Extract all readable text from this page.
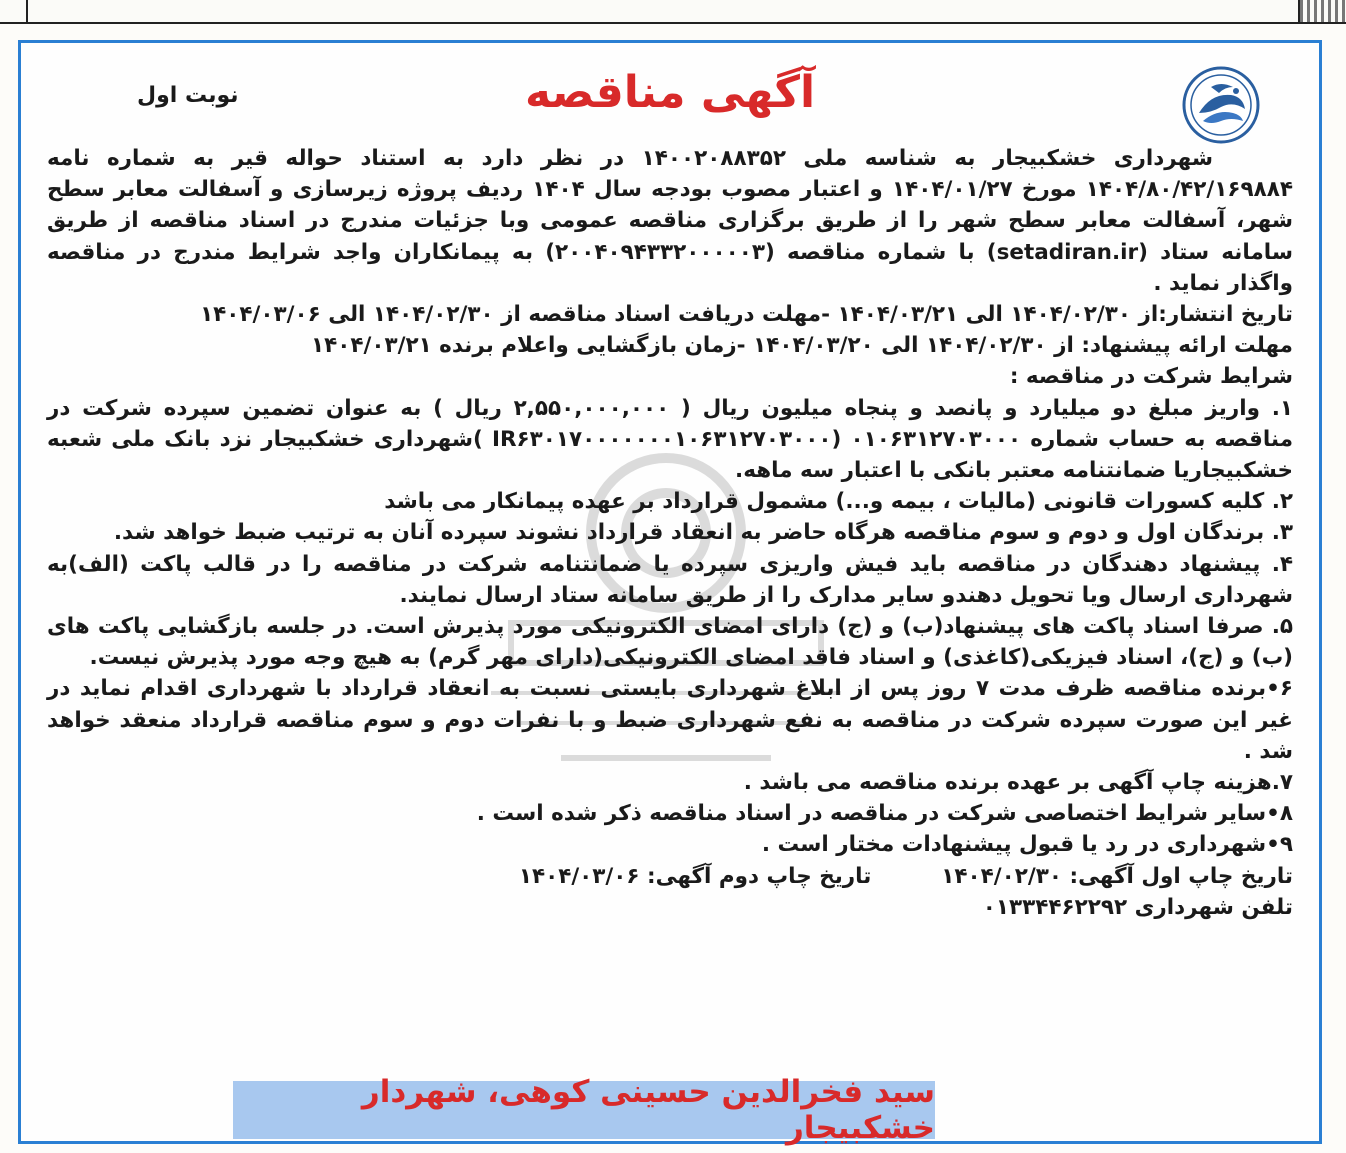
آگهی مناقصه
نوبت اول

شهرداری خشکبیجار به شناسه ملی ۱۴۰۰۲۰۸۸۳۵۲ در نظر دارد به استناد حواله قیر به شماره نامه ۱۴۰۴/۸۰/۴۲/۱۶۹۸۸۴ مورخ ۱۴۰۴/۰۱/۲۷ و اعتبار مصوب بودجه سال ۱۴۰۴ ردیف پروژه زیرسازی و آسفالت معابر سطح شهر، آسفالت معابر سطح شهر را از طریق برگزاری مناقصه عمومی وبا جزئیات مندرج در اسناد مناقصه از طریق سامانه ستاد (setadiran.ir) با شماره مناقصه (۲۰۰۴۰۹۴۳۳۲۰۰۰۰۰۳) به پیمانکاران واجد شرایط مندرج در مناقصه واگذار نماید .

تاریخ انتشار:از ۱۴۰۴/۰۲/۳۰ الی ۱۴۰۴/۰۳/۲۱ -مهلت دریافت اسناد مناقصه از ۱۴۰۴/۰۲/۳۰ الی ۱۴۰۴/۰۳/۰۶

مهلت ارائه پیشنهاد: از ۱۴۰۴/۰۲/۳۰ الی ۱۴۰۴/۰۳/۲۰ -زمان بازگشایی واعلام برنده ۱۴۰۴/۰۳/۲۱

شرایط شرکت در مناقصه :

۱. واریز مبلغ دو میلیارد و پانصد و پنجاه میلیون ریال ( ۲,۵۵۰,۰۰۰,۰۰۰ ریال ) به عنوان تضمین سپرده شرکت در مناقصه به حساب شماره ۰۱۰۶۳۱۲۷۰۳۰۰۰ (IR۶۳۰۱۷۰۰۰۰۰۰۰۱۰۶۳۱۲۷۰۳۰۰۰ )شهرداری خشکبیجار نزد بانک ملی شعبه خشکبیجاریا ضمانتنامه معتبر بانکی با اعتبار سه ماهه.

۲. کلیه کسورات قانونی (مالیات ، بیمه و...) مشمول قرارداد بر عهده پیمانکار می باشد

۳. برندگان اول و دوم و سوم مناقصه هرگاه حاضر به انعقاد قرارداد نشوند سپرده آنان به ترتیب ضبط خواهد شد.

۴. پیشنهاد دهندگان در مناقصه باید فیش واریزی سپرده یا ضمانتنامه شرکت در مناقصه را در قالب پاکت (الف)به شهرداری ارسال ویا تحویل دهندو سایر مدارک را از طریق سامانه ستاد ارسال نمایند.

۵. صرفا اسناد پاکت های پیشنهاد(ب) و (ج) دارای امضای الکترونیکی مورد پذیرش است. در جلسه بازگشایی پاکت های (ب) و (ج)، اسناد فیزیکی(کاغذی) و اسناد فاقد امضای الکترونیکی(دارای مهر گرم) به هیچ وجه مورد پذیرش نیست.

۶•برنده مناقصه ظرف مدت ۷ روز پس از ابلاغ شهرداری بایستی نسبت به انعقاد قرارداد با شهرداری اقدام نماید در غیر این صورت سپرده شرکت در مناقصه به نفع شهرداری ضبط و با نفرات دوم و سوم مناقصه قرارداد منعقد خواهد شد .

۷.هزینه چاپ آگهی بر عهده برنده مناقصه می باشد .

۸•سایر شرایط اختصاصی شرکت در مناقصه در اسناد مناقصه ذکر شده است .

۹•شهرداری در رد یا قبول پیشنهادات مختار است .

تاریخ چاپ اول آگهی: ۱۴۰۴/۰۲/۳۰
تاریخ چاپ دوم آگهی: ۱۴۰۴/۰۳/۰۶

تلفن شهرداری ۰۱۳۳۴۴۶۲۲۹۲

سید فخرالدین حسینی کوهی، شهردار خشکبیجار
